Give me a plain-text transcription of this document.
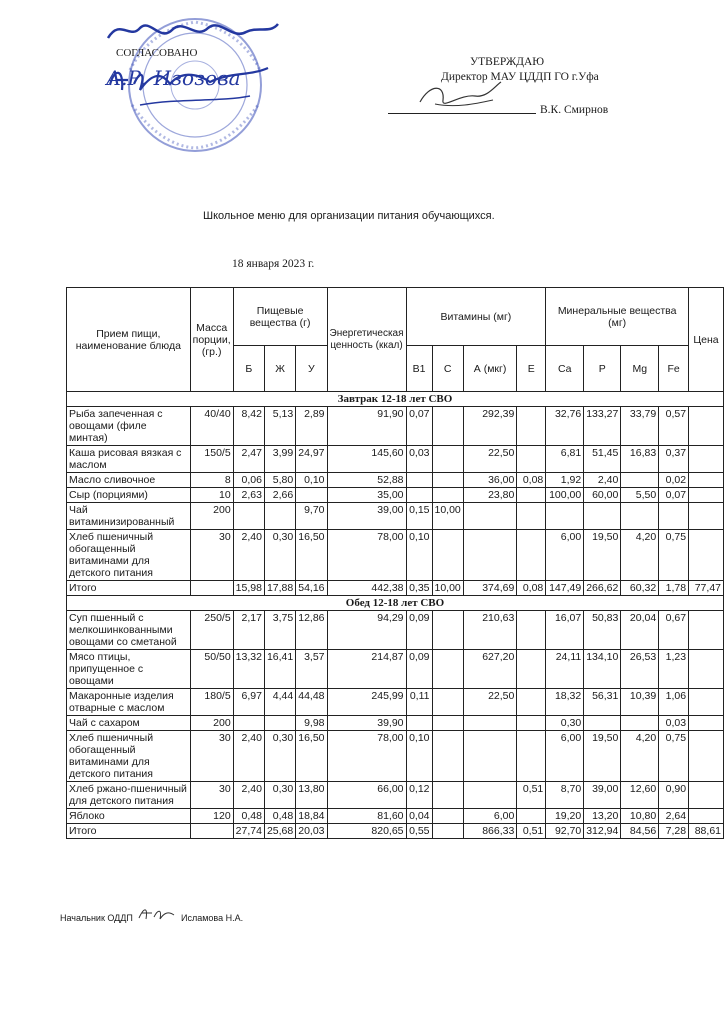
СОГЛАСОВАНО
А.Р. Изозова
УТВЕРЖДАЮ
Директор МАУ ЦДДП ГО г.Уфа
В.К. Смирнов
Школьное меню для организации питания обучающихся.
18 января 2023 г.
Прием пищи, наименование блюда	Масса порции, (гр.)	Пищевые вещества (г)			Энергетическая ценность (ккал)	Витамины (мг)				Минеральные вещества (мг)				Цена
		Б	Ж	У		В1	С	А (мкг)	Е	Ca	P	Mg	Fe	
Завтрак 12-18 лет СВО														
Рыба запеченная с овощами (филе минтая)	40/40	8,42	5,13	2,89	91,90	0,07		292,39		32,76	133,27	33,79	0,57	
Каша рисовая вязкая с маслом	150/5	2,47	3,99	24,97	145,60	0,03		22,50		6,81	51,45	16,83	0,37	
Масло сливочное	8	0,06	5,80	0,10	52,88			36,00	0,08	1,92	2,40		0,02	
Сыр (порциями)	10	2,63	2,66		35,00			23,80		100,00	60,00	5,50	0,07	
Чай витаминизированный	200			9,70	39,00	0,15	10,00							
Хлеб пшеничный обогащенный витаминами для детского питания	30	2,40	0,30	16,50	78,00	0,10				6,00	19,50	4,20	0,75	
Итого		15,98	17,88	54,16	442,38	0,35	10,00	374,69	0,08	147,49	266,62	60,32	1,78	77,47
Обед 12-18 лет СВО														
Суп пшенный с мелкошинкованными овощами со сметаной	250/5	2,17	3,75	12,86	94,29	0,09		210,63		16,07	50,83	20,04	0,67	
Мясо птицы, припущенное с овощами	50/50	13,32	16,41	3,57	214,87	0,09		627,20		24,11	134,10	26,53	1,23	
Макаронные изделия отварные с маслом	180/5	6,97	4,44	44,48	245,99	0,11		22,50		18,32	56,31	10,39	1,06	
Чай с сахаром	200			9,98	39,90					0,30			0,03	
Хлеб пшеничный обогащенный витаминами для детского питания	30	2,40	0,30	16,50	78,00	0,10				6,00	19,50	4,20	0,75	
Хлеб ржано-пшеничный для детского питания	30	2,40	0,30	13,80	66,00	0,12			0,51	8,70	39,00	12,60	0,90	
Яблоко	120	0,48	0,48	18,84	81,60	0,04		6,00		19,20	13,20	10,80	2,64	
Итого		27,74	25,68	20,03	820,65	0,55		866,33	0,51	92,70	312,94	84,56	7,28	88,61
Начальник ОДДП	Исламова Н.А.
